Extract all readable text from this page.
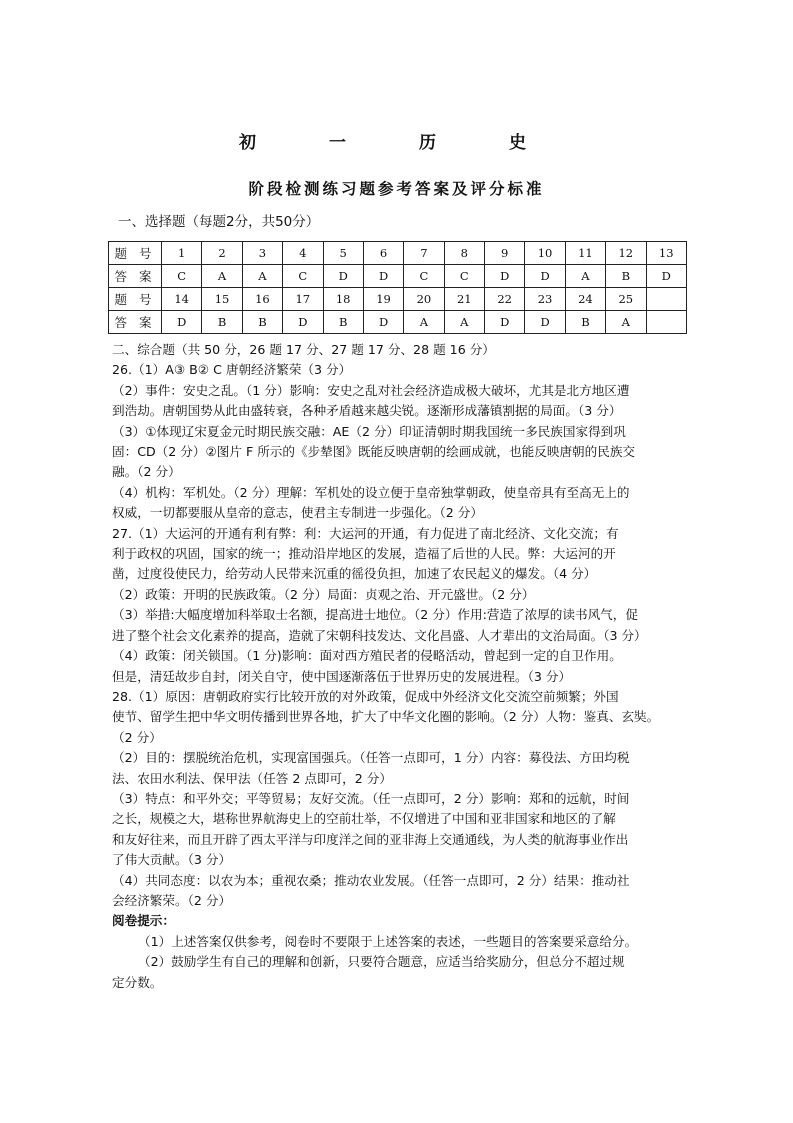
初　一　历　史
阶段检测练习题参考答案及评分标准
一、选择题（每题2分，共50分）
题 号	1	2	3	4	5	6	7	8	9	10	11	12	13
答 案	C	A	A	C	D	D	C	C	D	D	A	B	D
题 号	14	15	16	17	18	19	20	21	22	23	24	25	
答 案	D	B	B	D	B	D	A	A	D	D	B	A	

二、综合题（共 50 分，26 题 17 分、27 题 17 分、28 题 16 分）

26.（1）A③ B② C 唐朝经济繁荣（3 分）

（2）事件：安史之乱。（1 分）影响：安史之乱对社会经济造成极大破坏，尤其是北方地区遭

到浩劫。唐朝国势从此由盛转衰，各种矛盾越来越尖锐。逐渐形成藩镇割据的局面。（3 分）

（3）①体现辽宋夏金元时期民族交融：AE（2 分）印证清朝时期我国统一多民族国家得到巩

固：CD（2 分）②图片 F 所示的《步辇图》既能反映唐朝的绘画成就，也能反映唐朝的民族交

融。（2 分）

（4）机构：军机处。（2 分）理解：军机处的设立便于皇帝独掌朝政，使皇帝具有至高无上的

权威，一切都要服从皇帝的意志，使君主专制进一步强化。（2 分）

27.（1）大运河的开通有利有弊：利：大运河的开通，有力促进了南北经济、文化交流；有

利于政权的巩固，国家的统一；推动沿岸地区的发展，造福了后世的人民。弊：大运河的开

凿，过度役使民力，给劳动人民带来沉重的徭役负担，加速了农民起义的爆发。（4 分）

（2）政策：开明的民族政策。（2 分）局面：贞观之治、开元盛世。（2 分）

（3）举措:大幅度增加科举取士名额，提高进士地位。（2 分）作用:营造了浓厚的读书风气，促

进了整个社会文化素养的提高，造就了宋朝科技发达、文化昌盛、人才辈出的文治局面。（3 分）

（4）政策：闭关锁国。（1 分)影响：面对西方殖民者的侵略活动，曾起到一定的自卫作用。

但是，清廷故步自封，闭关自守，使中国逐渐落伍于世界历史的发展进程。（3 分）

28.（1）原因：唐朝政府实行比较开放的对外政策，促成中外经济文化交流空前频繁；外国

使节、留学生把中华文明传播到世界各地，扩大了中华文化圈的影响。（2 分）人物：鉴真、玄奘。

（2 分）

（2）目的：摆脱统治危机，实现富国强兵。（任答一点即可，1 分）内容：募役法、方田均税

法、农田水利法、保甲法（任答 2 点即可，2 分）

（3）特点：和平外交；平等贸易；友好交流。（任一点即可，2 分）影响：郑和的远航，时间

之长，规模之大，堪称世界航海史上的空前壮举，不仅增进了中国和亚非国家和地区的了解

和友好往来，而且开辟了西太平洋与印度洋之间的亚非海上交通通线，为人类的航海事业作出

了伟大贡献。（3 分）

（4）共同态度：以农为本；重视农桑；推动农业发展。（任答一点即可，2 分）结果：推动社

会经济繁荣。（2 分）

阅卷提示：

（1）上述答案仅供参考，阅卷时不要限于上述答案的表述，一些题目的答案要采意给分。

（2）鼓励学生有自己的理解和创新，只要符合题意，应适当给奖励分，但总分不超过规

定分数。
